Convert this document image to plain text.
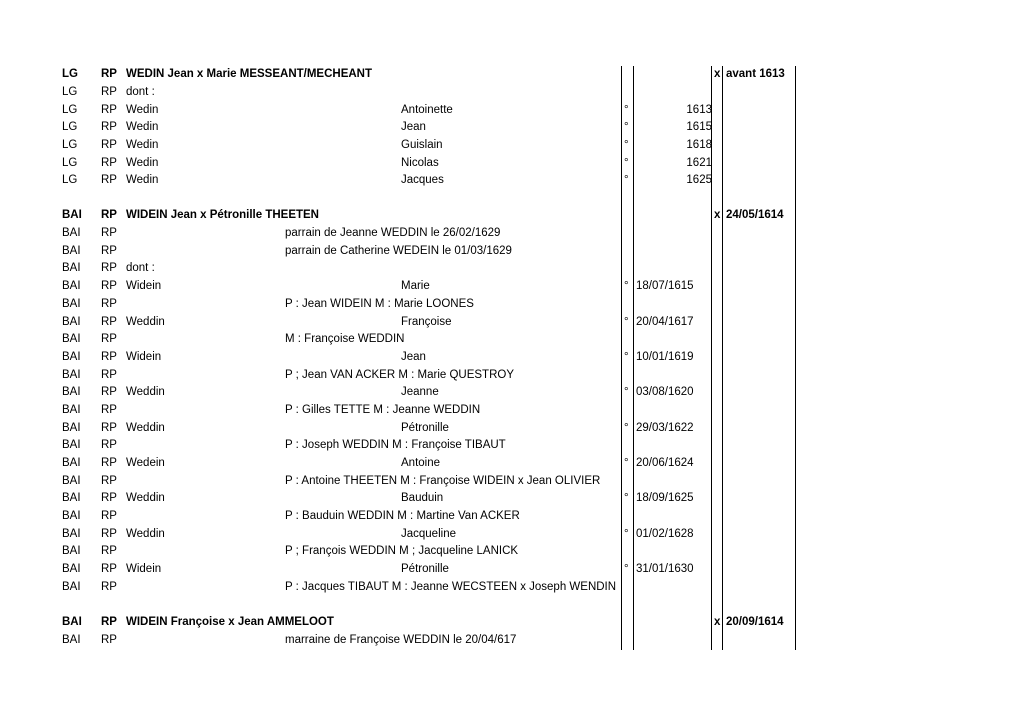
LG RP WEDIN Jean x Marie MESSEANT/MECHEANT	x avant 1613
LG RP dont :
LG RP Wedin	Antoinette	°	1613
LG RP Wedin	Jean	°	1615
LG RP Wedin	Guislain	°	1618
LG RP Wedin	Nicolas	°	1621
LG RP Wedin	Jacques	°	1625
BAI RP WIDEIN Jean x Pétronille THEETEN	x 24/05/1614
BAI RP	parrain de Jeanne WEDDIN le 26/02/1629
BAI RP	parrain de Catherine WEDEIN le 01/03/1629
BAI RP dont :
BAI RP Widein	Marie	° 18/07/1615
BAI RP	P : Jean WIDEIN M : Marie LOONES
BAI RP Weddin	Françoise	° 20/04/1617
BAI RP	M : Françoise WEDDIN
BAI RP Widein	Jean	° 10/01/1619
BAI RP	P ; Jean VAN ACKER M : Marie QUESTROY
BAI RP Weddin	Jeanne	° 03/08/1620
BAI RP	P : Gilles TETTE M : Jeanne WEDDIN
BAI RP Weddin	Pétronille	° 29/03/1622
BAI RP	P : Joseph WEDDIN M : Françoise TIBAUT
BAI RP Wedein	Antoine	° 20/06/1624
BAI RP	P : Antoine THEETEN M : Françoise WIDEIN x Jean OLIVIER
BAI RP Weddin	Bauduin	° 18/09/1625
BAI RP	P : Bauduin WEDDIN M : Martine Van ACKER
BAI RP Weddin	Jacqueline	° 01/02/1628
BAI RP	P ; François WEDDIN M ; Jacqueline LANICK
BAI RP Widein	Pétronille	° 31/01/1630
BAI RP	P : Jacques TIBAUT M : Jeanne WECSTEEN x Joseph WENDIN
BAI RP WIDEIN Françoise x Jean AMMELOOT	x 20/09/1614
BAI RP	marraine de Françoise WEDDIN le 20/04/617
